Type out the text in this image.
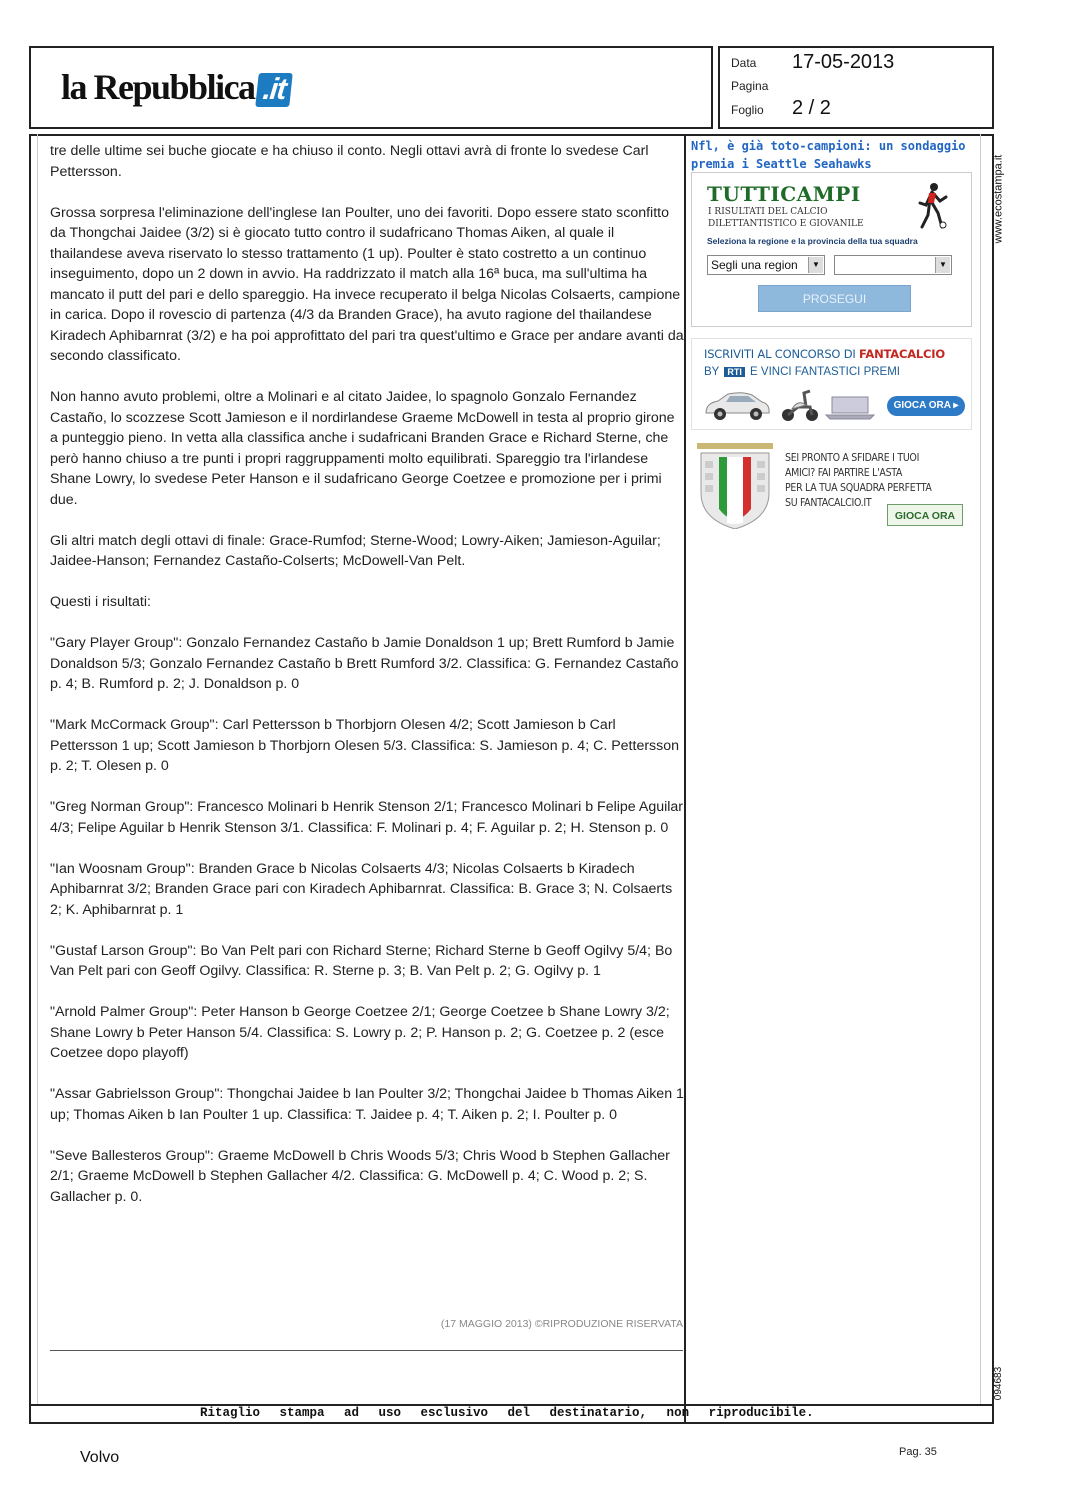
la Repubblica .it
Data 17-05-2013
Pagina
Foglio 2 / 2

tre delle ultime sei buche giocate e ha chiuso il conto. Negli ottavi avrà di fronte lo svedese Carl Pettersson.

Grossa sorpresa l'eliminazione dell'inglese Ian Poulter, uno dei favoriti. Dopo essere stato sconfitto da Thongchai Jaidee (3/2) si è giocato tutto contro il sudafricano Thomas Aiken, al quale il thailandese aveva riservato lo stesso trattamento (1 up). Poulter è stato costretto a un continuo inseguimento, dopo un 2 down in avvio. Ha raddrizzato il match alla 16ª buca, ma sull'ultima ha mancato il putt del pari e dello spareggio. Ha invece recuperato il belga Nicolas Colsaerts, campione in carica. Dopo il rovescio di partenza (4/3 da Branden Grace), ha avuto ragione del thailandese Kiradech Aphibarnrat (3/2) e ha poi approfittato del pari tra quest'ultimo e Grace per andare avanti da secondo classificato.

Non hanno avuto problemi, oltre a Molinari e al citato Jaidee, lo spagnolo Gonzalo Fernandez Castaño, lo scozzese Scott Jamieson e il nordirlandese Graeme McDowell in testa al proprio girone a punteggio pieno. In vetta alla classifica anche i sudafricani Branden Grace e Richard Sterne, che però hanno chiuso a tre punti i propri raggruppamenti molto equilibrati. Spareggio tra l'irlandese Shane Lowry, lo svedese Peter Hanson e il sudafricano George Coetzee e promozione per i primi due.

Gli altri match degli ottavi di finale: Grace-Rumfod; Sterne-Wood; Lowry-Aiken; Jamieson-Aguilar; Jaidee-Hanson; Fernandez Castaño-Colserts; McDowell-Van Pelt.

Questi i risultati:

"Gary Player Group": Gonzalo Fernandez Castaño b Jamie Donaldson 1 up; Brett Rumford b Jamie Donaldson 5/3; Gonzalo Fernandez Castaño b Brett Rumford 3/2. Classifica: G. Fernandez Castaño p. 4; B. Rumford p. 2; J. Donaldson p. 0

"Mark McCormack Group": Carl Pettersson b Thorbjorn Olesen 4/2; Scott Jamieson b Carl Pettersson 1 up; Scott Jamieson b Thorbjorn Olesen 5/3. Classifica: S. Jamieson p. 4; C. Pettersson p. 2; T. Olesen p. 0

"Greg Norman Group": Francesco Molinari b Henrik Stenson 2/1; Francesco Molinari b Felipe Aguilar 4/3; Felipe Aguilar b Henrik Stenson 3/1. Classifica: F. Molinari p. 4; F. Aguilar p. 2; H. Stenson p. 0

"Ian Woosnam Group": Branden Grace b Nicolas Colsaerts 4/3; Nicolas Colsaerts b Kiradech Aphibarnrat 3/2; Branden Grace pari con Kiradech Aphibarnrat. Classifica: B. Grace 3; N. Colsaerts 2; K. Aphibarnrat p. 1

"Gustaf Larson Group": Bo Van Pelt pari con Richard Sterne; Richard Sterne b Geoff Ogilvy 5/4; Bo Van Pelt pari con Geoff Ogilvy. Classifica: R. Sterne p. 3; B. Van Pelt p. 2; G. Ogilvy p. 1

"Arnold Palmer Group": Peter Hanson b George Coetzee 2/1; George Coetzee b Shane Lowry 3/2; Shane Lowry b Peter Hanson 5/4. Classifica: S. Lowry p. 2; P. Hanson p. 2; G. Coetzee p. 2 (esce Coetzee dopo playoff)

"Assar Gabrielsson Group": Thongchai Jaidee b Ian Poulter 3/2; Thongchai Jaidee b Thomas Aiken 1 up; Thomas Aiken b Ian Poulter 1 up. Classifica: T. Jaidee p. 4; T. Aiken p. 2; I. Poulter p. 0

"Seve Ballesteros Group": Graeme McDowell b Chris Woods 5/3; Chris Wood b Stephen Gallacher 2/1; Graeme McDowell b Stephen Gallacher 4/2. Classifica: G. McDowell p. 4; C. Wood p. 2; S. Gallacher p. 0.

(17 MAGGIO 2013) ©RIPRODUZIONE RISERVATA
Nfl, è già toto-campioni: un sondaggio premia i Seattle Seahawks
TUTTICAMPI
I RISULTATI DEL CALCIO
DILETTANTISTICO E GIOVANILE
Seleziona la regione e la provincia della tua squadra
Segli una region	▼	▼
PROSEGUI
ISCRIVITI AL CONCORSO DI FANTACALCIO
BY RTI E VINCI FANTASTICI PREMI
GIOCA ORA ▸
SEI PRONTO A SFIDARE I TUOI
AMICI? FAI PARTIRE L'ASTA
PER LA TUA SQUADRA PERFETTA
SU FANTACALCIO.IT
GIOCA ORA
Ritaglio stampa ad uso esclusivo del destinatario, non riproducibile.
www.ecostampa.it
094683
Volvo	Pag. 35
